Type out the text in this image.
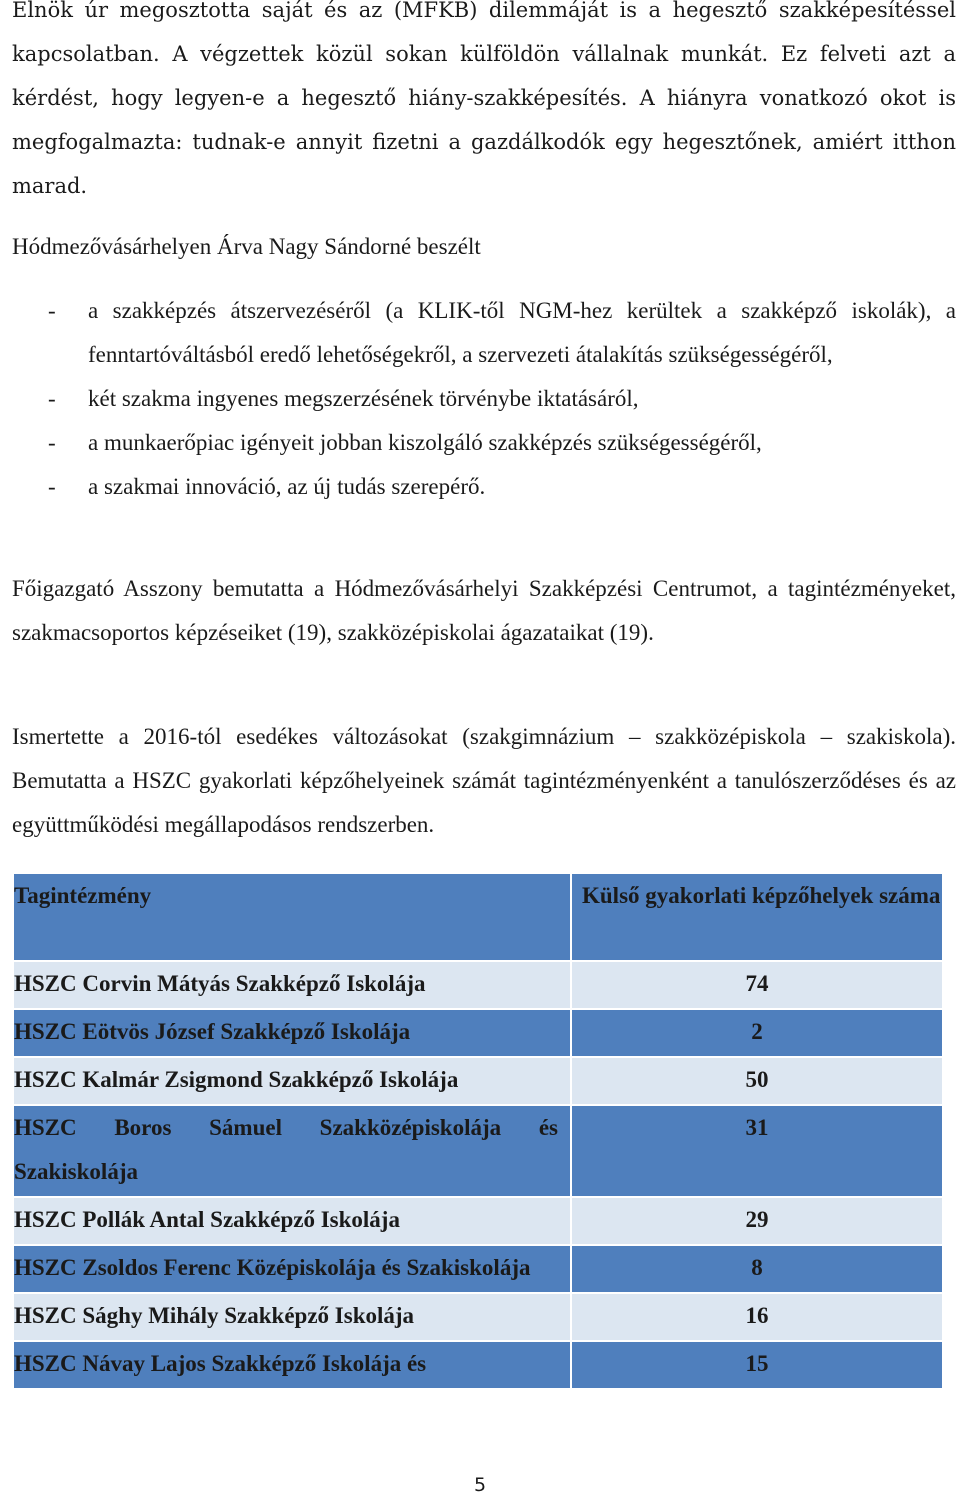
Elnök úr megosztotta saját és az (MFKB) dilemmáját is a hegesztő szakképesítéssel kapcsolatban. A végzettek közül sokan külföldön vállalnak munkát. Ez felveti azt a kérdést, hogy legyen-e a hegesztő hiány-szakképesítés. A hiányra vonatkozó okot is megfogalmazta: tudnak-e annyit fizetni a gazdálkodók egy hegesztőnek, amiért itthon marad.

Hódmezővásárhelyen Árva Nagy Sándorné beszélt

- a szakképzés átszervezéséről (a KLIK-től NGM-hez kerültek a szakképző iskolák), a fenntartóváltásból eredő lehetőségekről, a szervezeti átalakítás szükségességéről,
- két szakma ingyenes megszerzésének törvénybe iktatásáról,
- a munkaerőpiac igényeit jobban kiszolgáló szakképzés szükségességéről,
- a szakmai innováció, az új tudás szerepérő.

Főigazgató Asszony bemutatta a Hódmezővásárhelyi Szakképzési Centrumot, a tagintézményeket, szakmacsoportos képzéseiket (19), szakközépiskolai ágazataikat (19).

Ismertette a 2016-tól esedékes változásokat (szakgimnázium – szakközépiskola – szakiskola). Bemutatta a HSZC gyakorlati képzőhelyeinek számát tagintézményenként a tanulószerződéses és az együttműködési megállapodásos rendszerben.

Tagintézmény	Külső gyakorlati képzőhelyek száma
HSZC Corvin Mátyás Szakképző Iskolája	74
HSZC Eötvös József Szakképző Iskolája	2
HSZC Kalmár Zsigmond Szakképző Iskolája	50
HSZC Boros Sámuel Szakközépiskolája és Szakiskolája	31
HSZC Pollák Antal Szakképző Iskolája	29
HSZC Zsoldos Ferenc Középiskolája és Szakiskolája	8
HSZC Sághy Mihály Szakképző Iskolája	16
HSZC Návay Lajos Szakképző Iskolája és	15
5
